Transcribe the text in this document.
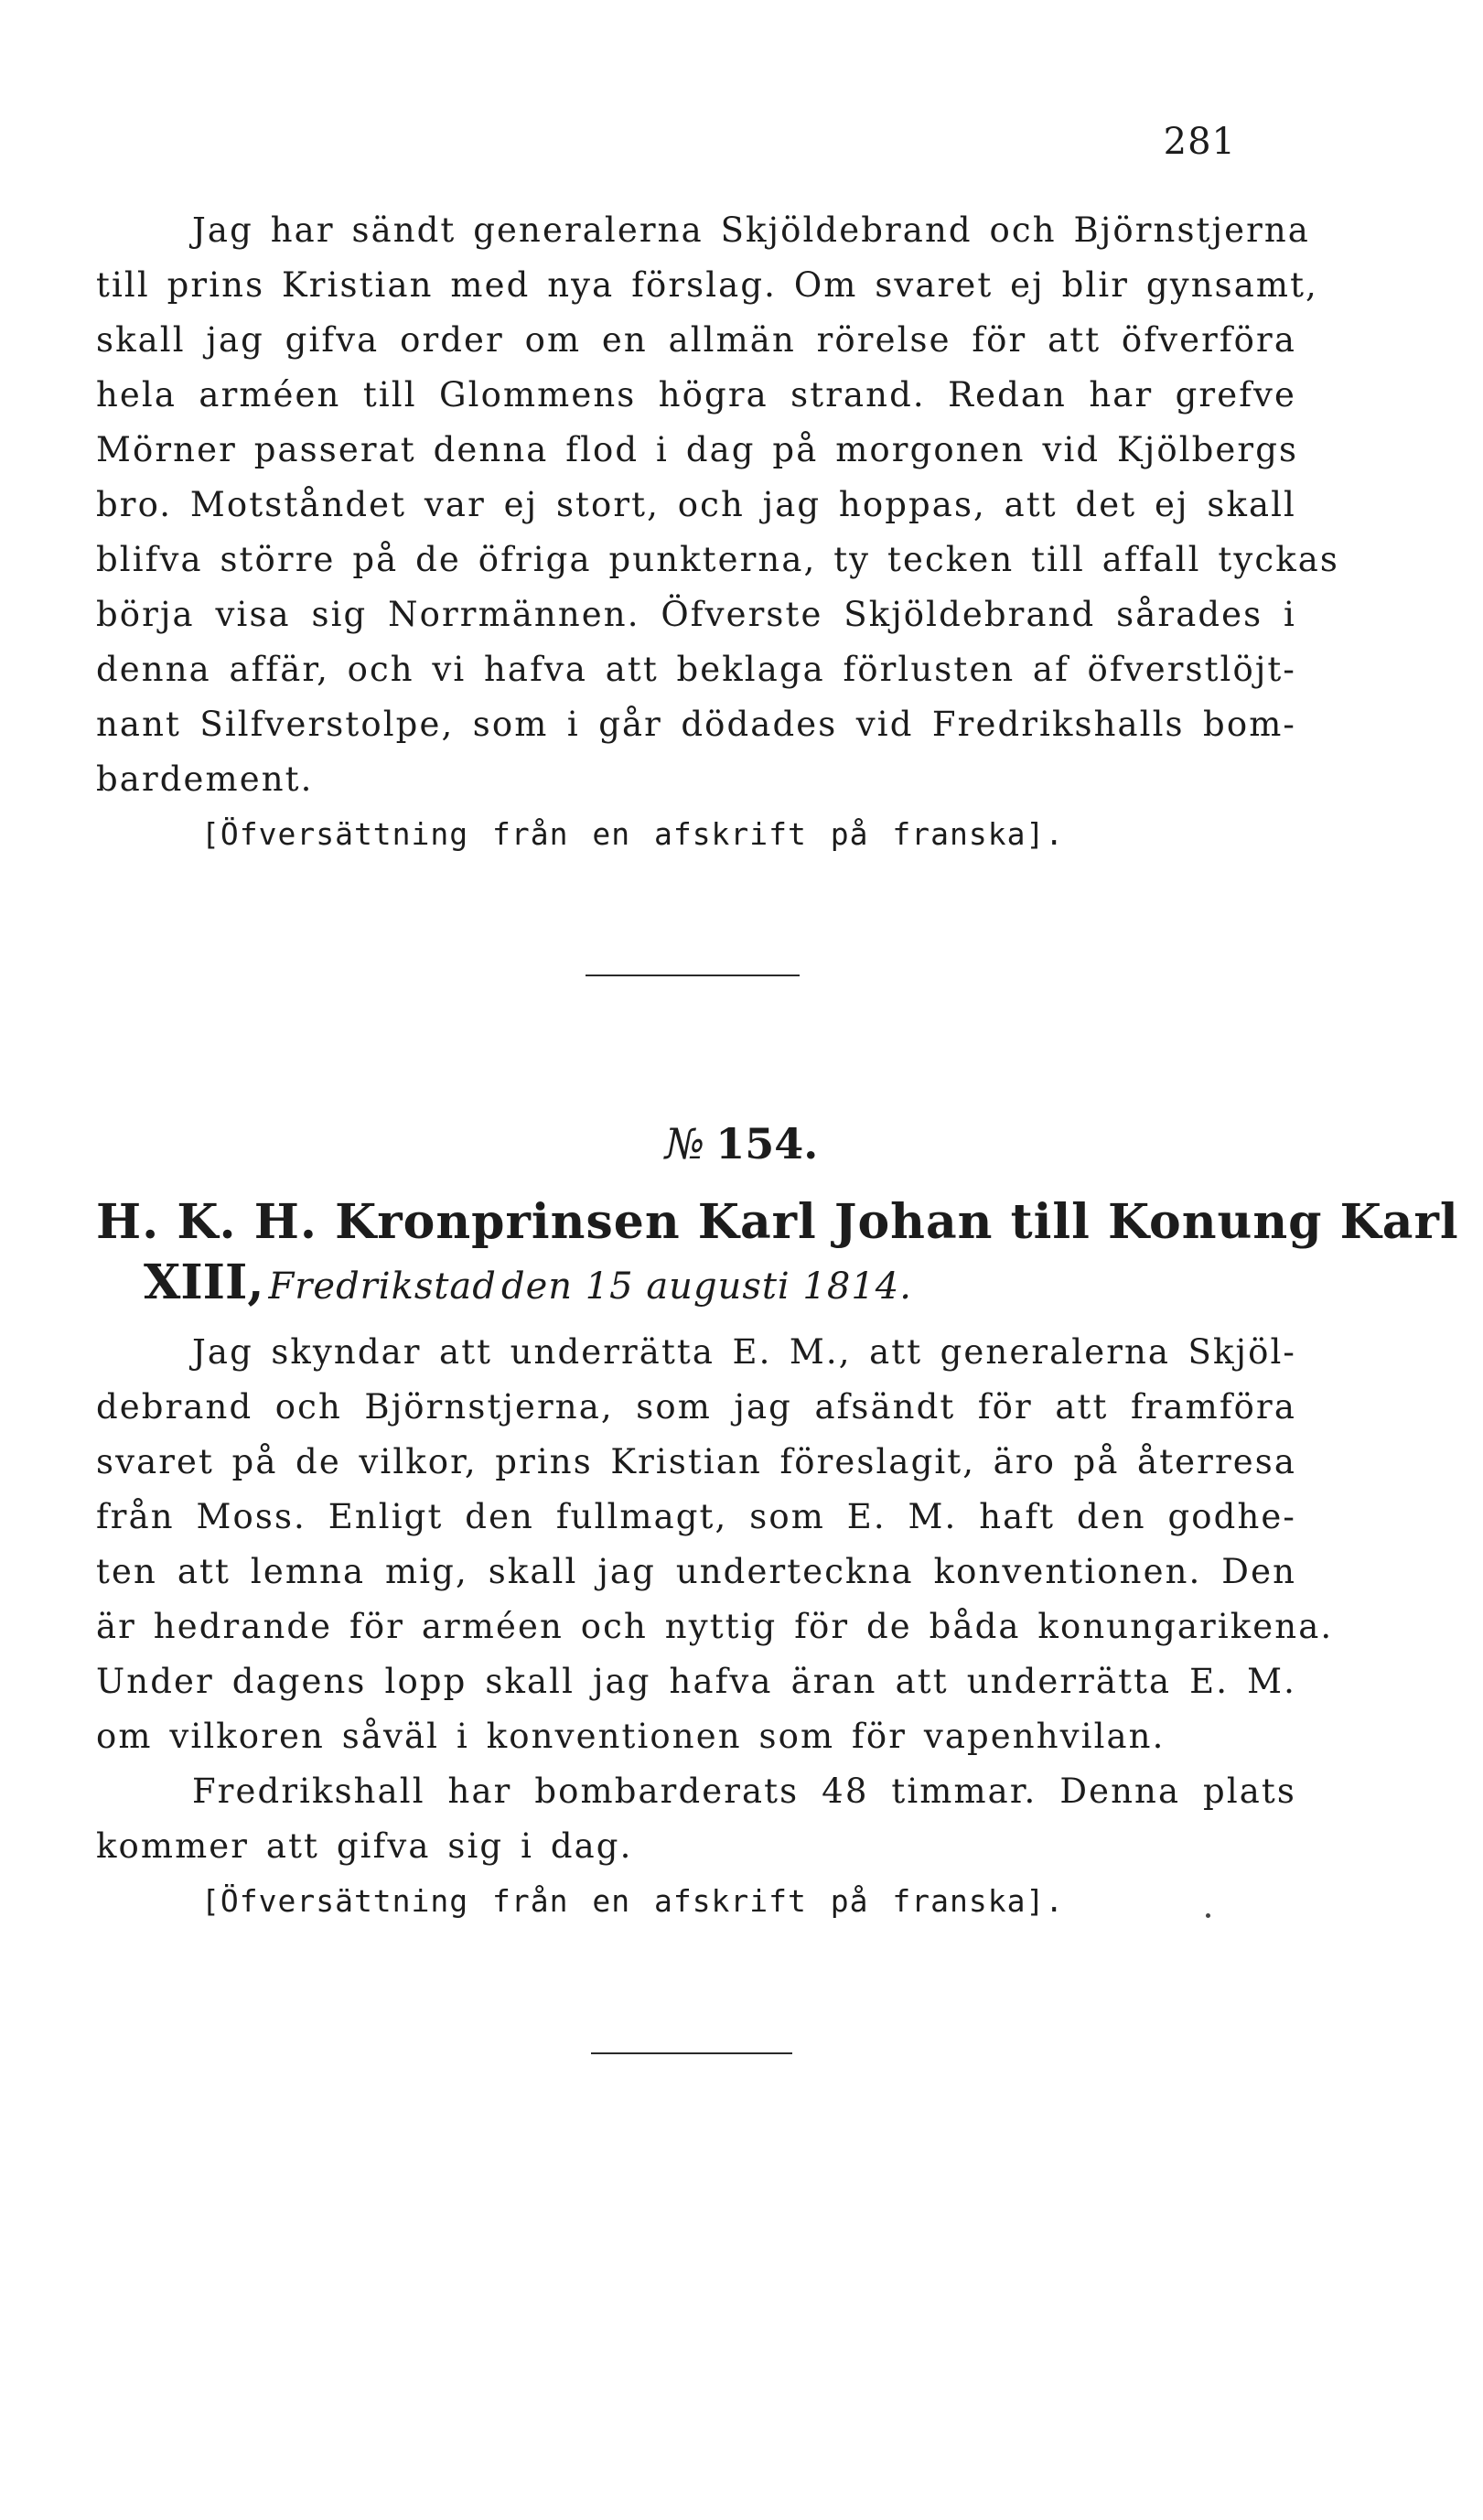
281
Jag har sändt generalerna Skjöldebrand och Björnstjerna
till prins Kristian med nya förslag. Om svaret ej blir gynsamt,
skall jag gifva order om en allmän rörelse för att öfverföra
hela arméen till Glommens högra strand. Redan har grefve
Mörner passerat denna flod i dag på morgonen vid Kjölbergs
bro. Motståndet var ej stort, och jag hoppas, att det ej skall
blifva större på de öfriga punkterna, ty tecken till affall tyckas
börja visa sig Norrmännen. Öfverste Skjöldebrand sårades i
denna affär, och vi hafva att beklaga förlusten af öfverstlöjt-
nant Silfverstolpe, som i går dödades vid Fredrikshalls bom-
bardement.
[Öfversättning från en afskrift på franska].
№ 154.
H. K. H. Kronprinsen Karl Johan till Konung Karl
XIII, Fredrikstad den 15 augusti 1814.
Jag skyndar att underrätta E. M., att generalerna Skjöl-
debrand och Björnstjerna, som jag afsändt för att framföra
svaret på de vilkor, prins Kristian föreslagit, äro på återresa
från Moss. Enligt den fullmagt, som E. M. haft den godhe-
ten att lemna mig, skall jag underteckna konventionen. Den
är hedrande för arméen och nyttig för de båda konungarikena.
Under dagens lopp skall jag hafva äran att underrätta E. M.
om vilkoren såväl i konventionen som för vapenhvilan.
Fredrikshall har bombarderats 48 timmar. Denna plats
kommer att gifva sig i dag.
[Öfversättning från en afskrift på franska].
